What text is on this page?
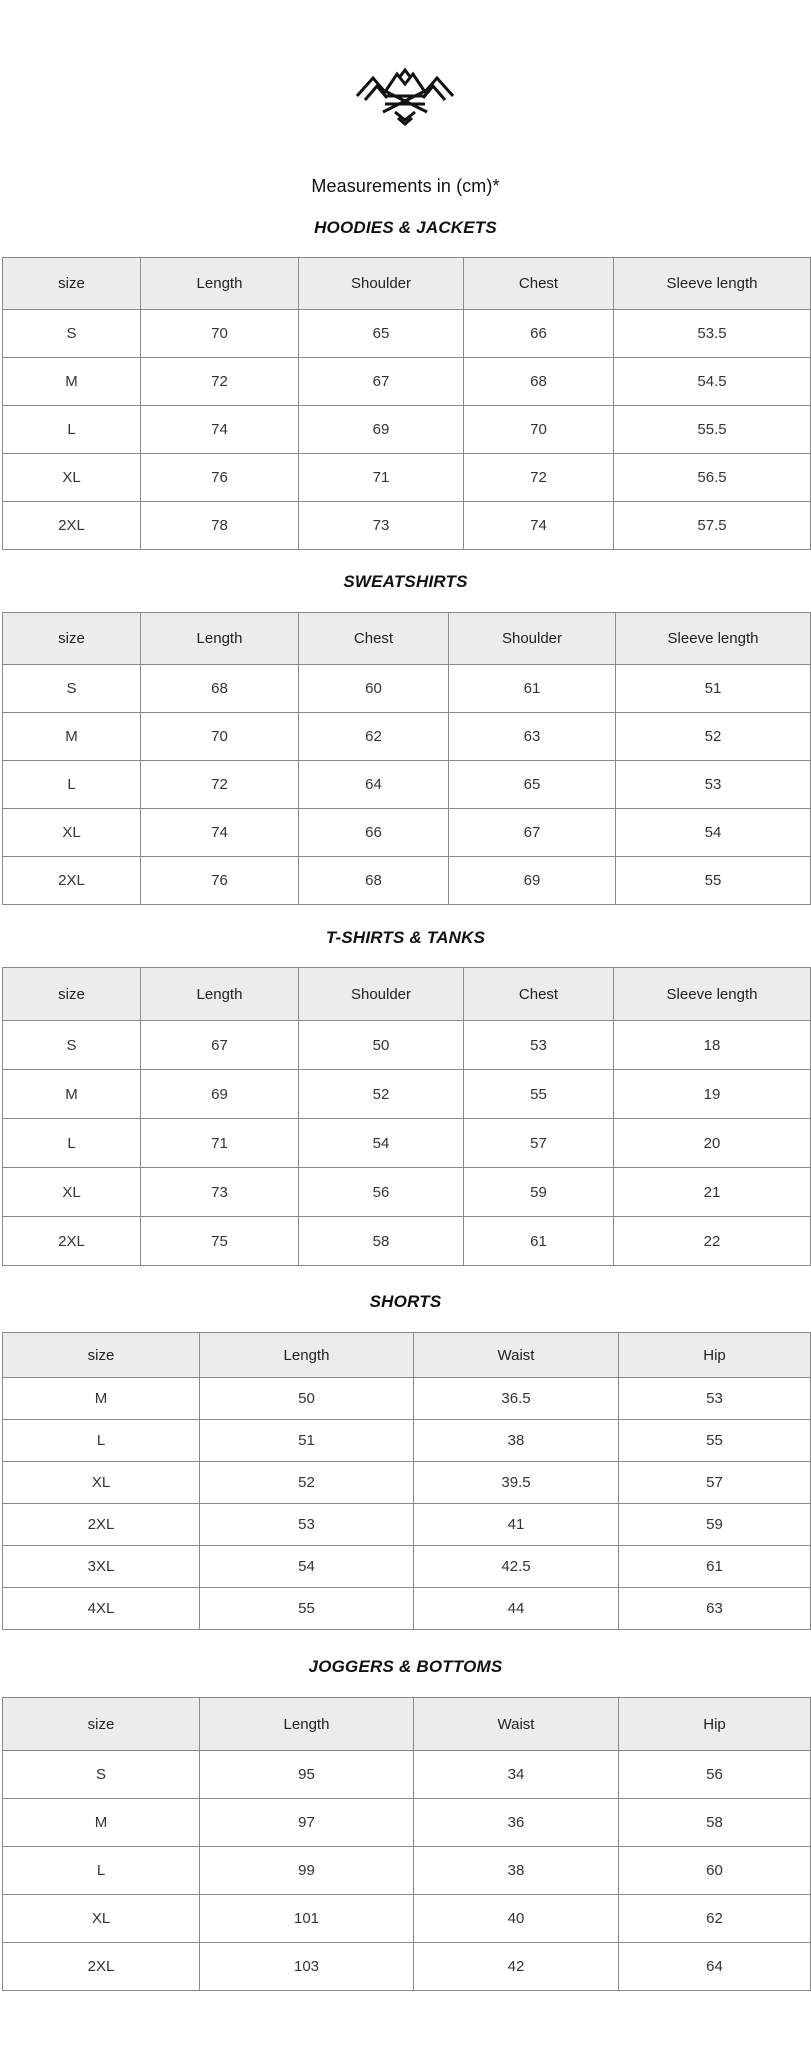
Measurements in (cm)*
HOODIES & JACKETS
size	Length	Shoulder	Chest	Sleeve length
S	70	65	66	53.5
M	72	67	68	54.5
L	74	69	70	55.5
XL	76	71	72	56.5
2XL	78	73	74	57.5
SWEATSHIRTS
size	Length	Chest	Shoulder	Sleeve length
S	68	60	61	51
M	70	62	63	52
L	72	64	65	53
XL	74	66	67	54
2XL	76	68	69	55
T-SHIRTS & TANKS
size	Length	Shoulder	Chest	Sleeve length
S	67	50	53	18
M	69	52	55	19
L	71	54	57	20
XL	73	56	59	21
2XL	75	58	61	22
SHORTS
size	Length	Waist	Hip
M	50	36.5	53
L	51	38	55
XL	52	39.5	57
2XL	53	41	59
3XL	54	42.5	61
4XL	55	44	63
JOGGERS & BOTTOMS
size	Length	Waist	Hip
S	95	34	56
M	97	36	58
L	99	38	60
XL	101	40	62
2XL	103	42	64
